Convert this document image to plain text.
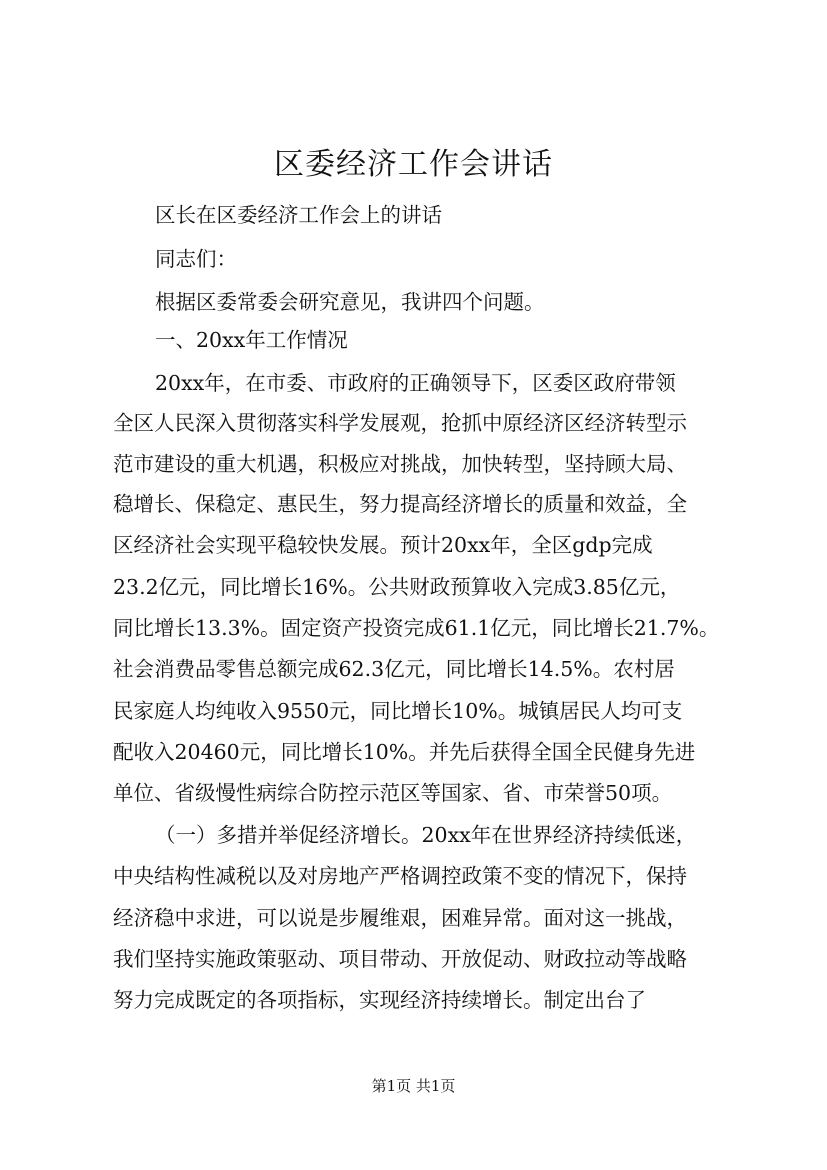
区委经济工作会讲话
区长在区委经济工作会上的讲话
同志们：
根据区委常委会研究意见，我讲四个问题。
一、20xx年工作情况
20xx年，在市委、市政府的正确领导下，区委区政府带领
全区人民深入贯彻落实科学发展观，抢抓中原经济区经济转型示
范市建设的重大机遇，积极应对挑战，加快转型，坚持顾大局、
稳增长、保稳定、惠民生，努力提高经济增长的质量和效益，全
区经济社会实现平稳较快发展。预计20xx年，全区gdp完成
23.2亿元，同比增长16%。公共财政预算收入完成3.85亿元，
同比增长13.3%。固定资产投资完成61.1亿元，同比增长21.7%。
社会消费品零售总额完成62.3亿元，同比增长14.5%。农村居
民家庭人均纯收入9550元，同比增长10%。城镇居民人均可支
配收入20460元，同比增长10%。并先后获得全国全民健身先进
单位、省级慢性病综合防控示范区等国家、省、市荣誉50项。
（一）多措并举促经济增长。20xx年在世界经济持续低迷，
中央结构性减税以及对房地产严格调控政策不变的情况下，保持
经济稳中求进，可以说是步履维艰，困难异常。面对这一挑战，
我们坚持实施政策驱动、项目带动、开放促动、财政拉动等战略
努力完成既定的各项指标，实现经济持续增长。制定出台了
第1页 共1页
